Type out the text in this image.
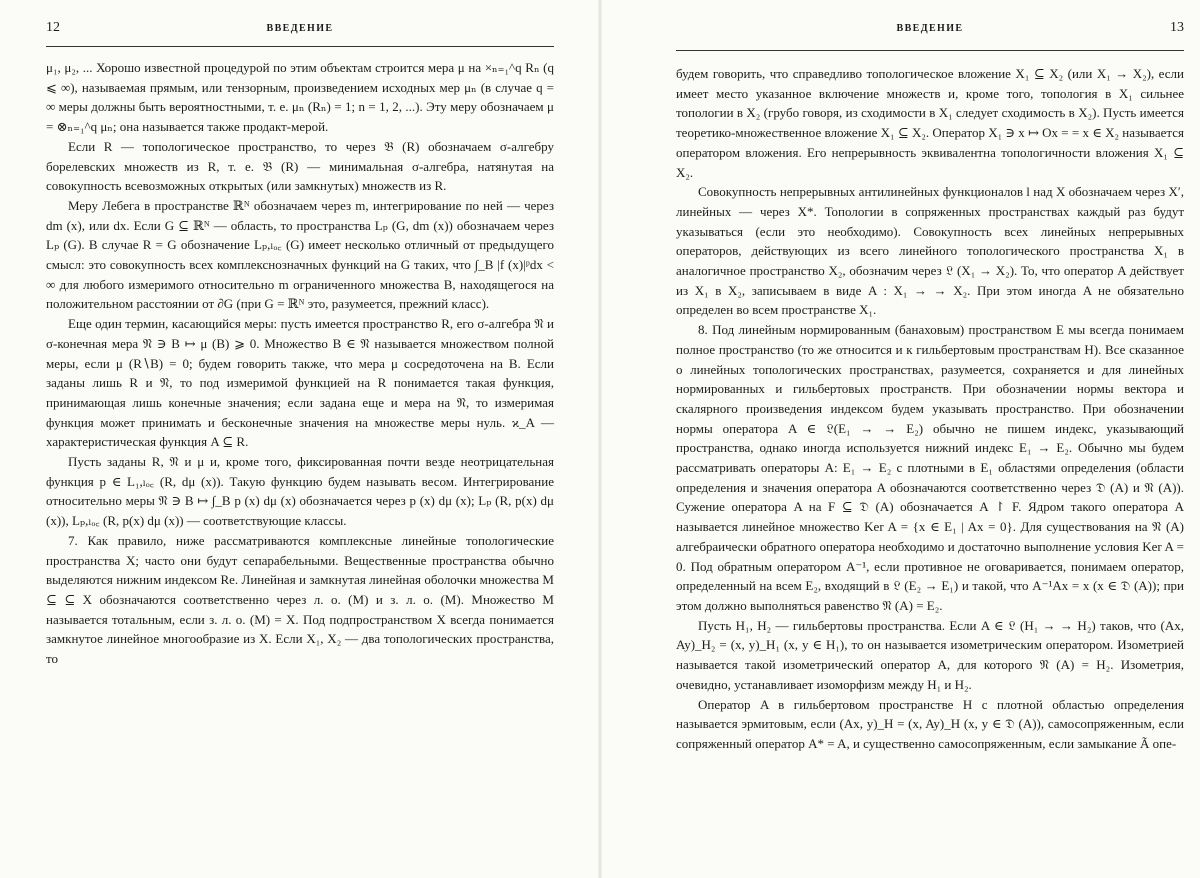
12	ВВЕДЕНИЕ

μ₁, μ₂, ... Хорошо известной процедурой по этим объектам строится мера μ на ×ₙ₌₁^q Rₙ (q ⩽ ∞), называемая прямым, или тензорным, произведением исходных мер μₙ (в случае q = ∞ меры должны быть вероятностными, т. е. μₙ (Rₙ) = 1; n = 1, 2, ...). Эту меру обозначаем μ = ⊗ₙ₌₁^q μₙ; она называется также продакт-мерой.

Если R — топологическое пространство, то через 𝔅 (R) обозначаем σ-алгебру борелевских множеств из R, т. е. 𝔅 (R) — минимальная σ-алгебра, натянутая на совокупность всевозможных открытых (или замкнутых) множеств из R.

Меру Лебега в пространстве ℝᴺ обозначаем через m, интегрирование по ней — через dm (x), или dx. Если G ⊆ ℝᴺ — область, то пространства Lₚ (G, dm (x)) обозначаем через Lₚ (G). В случае R = G обозначение Lₚ,ₗₒ꜀ (G) имеет несколько отличный от предыдущего смысл: это совокупность всех комплекснозначных функций на G таких, что ∫_B |f (x)|ᵖdx < ∞ для любого измеримого относительно m ограниченного множества B, находящегося на положительном расстоянии от ∂G (при G = ℝᴺ это, разумеется, прежний класс).

Еще один термин, касающийся меры: пусть имеется пространство R, его σ-алгебра 𝔑 и σ-конечная мера 𝔑 ∋ B ↦ μ (B) ⩾ 0. Множество B ∈ 𝔑 называется множеством полной меры, если μ (R∖B) = 0; будем говорить также, что мера μ сосредоточена на B. Если заданы лишь R и 𝔑, то под измеримой функцией на R понимается такая функция, принимающая лишь конечные значения; если задана еще и мера на 𝔑, то измеримая функция может принимать и бесконечные значения на множестве меры нуль. ϰ_A — характеристическая функция A ⊆ R.

Пусть заданы R, 𝔑 и μ и, кроме того, фиксированная почти везде неотрицательная функция p ∈ L₁,ₗₒ꜀ (R, dμ (x)). Такую функцию будем называть весом. Интегрирование относительно меры 𝔑 ∋ B ↦ ∫_B p (x) dμ (x) обозначается через p (x) dμ (x); Lₚ (R, p(x) dμ (x)), Lₚ,ₗₒ꜀ (R, p(x) dμ (x)) — соответствующие классы.

7. Как правило, ниже рассматриваются комплексные линейные топологические пространства X; часто они будут сепарабельными. Вещественные пространства обычно выделяются нижним индексом Re. Линейная и замкнутая линейная оболочки множества M ⊆ ⊆ X обозначаются соответственно через л. о. (M) и з. л. о. (M). Множество M называется тотальным, если з. л. о. (M) = X. Под подпространством X всегда понимается замкнутое линейное многообразие из X. Если X₁, X₂ — два топологических пространства, то

ВВЕДЕНИЕ	13

будем говорить, что справедливо топологическое вложение X₁ ⊆ X₂ (или X₁ → X₂), если имеет место указанное включение множеств и, кроме того, топология в X₁ сильнее топологии в X₂ (грубо говоря, из сходимости в X₁ следует сходимость в X₂). Пусть имеется теоретико-множественное вложение X₁ ⊆ X₂. Оператор X₁ ∋ x ↦ Ox = = x ∈ X₂ называется оператором вложения. Его непрерывность эквивалентна топологичности вложения X₁ ⊆ X₂.

Совокупность непрерывных антилинейных функционалов l над X обозначаем через X′, линейных — через X*. Топологии в сопряженных пространствах каждый раз будут указываться (если это необходимо). Совокупность всех линейных непрерывных операторов, действующих из всего линейного топологического пространства X₁ в аналогичное пространство X₂, обозначим через 𝔏 (X₁ → X₂). То, что оператор A действует из X₁ в X₂, записываем в виде A : X₁ → → X₂. При этом иногда A не обязательно определен во всем пространстве X₁.

8. Под линейным нормированным (банаховым) пространством E мы всегда понимаем полное пространство (то же относится и к гильбертовым пространствам H). Все сказанное о линейных топологических пространствах, разумеется, сохраняется и для линейных нормированных и гильбертовых пространств. При обозначении нормы вектора и скалярного произведения индексом будем указывать пространство. При обозначении нормы оператора A ∈ 𝔏(E₁ → → E₂) обычно не пишем индекс, указывающий пространства, однако иногда используется нижний индекс E₁ → E₂. Обычно мы будем рассматривать операторы A: E₁ → E₂ с плотными в E₁ областями определения (области определения и значения оператора A обозначаются соответственно через 𝔇 (A) и 𝔑 (A)). Сужение оператора A на F ⊆ 𝔇 (A) обозначается A ↾ F. Ядром такого оператора A называется линейное множество Ker A = {x ∈ E₁ | Ax = 0}. Для существования на 𝔑 (A) алгебраически обратного оператора необходимо и достаточно выполнение условия Ker A = 0. Под обратным оператором A⁻¹, если противное не оговаривается, понимаем оператор, определенный на всем E₂, входящий в 𝔏 (E₂ → E₁) и такой, что A⁻¹Ax = x (x ∈ 𝔇 (A)); при этом должно выполняться равенство 𝔑 (A) = E₂.

Пусть H₁, H₂ — гильбертовы пространства. Если A ∈ 𝔏 (H₁ → → H₂) таков, что (Ax, Ay)_H₂ = (x, y)_H₁ (x, y ∈ H₁), то он называется изометрическим оператором. Изометрией называется такой изометрический оператор A, для которого 𝔑 (A) = H₂. Изометрия, очевидно, устанавливает изоморфизм между H₁ и H₂.

Оператор A в гильбертовом пространстве H с плотной областью определения называется эрмитовым, если (Ax, y)_H = (x, Ay)_H (x, y ∈ 𝔇 (A)), самосопряженным, если сопряженный оператор A* = A, и существенно самосопряженным, если замыкание Ã опе-
